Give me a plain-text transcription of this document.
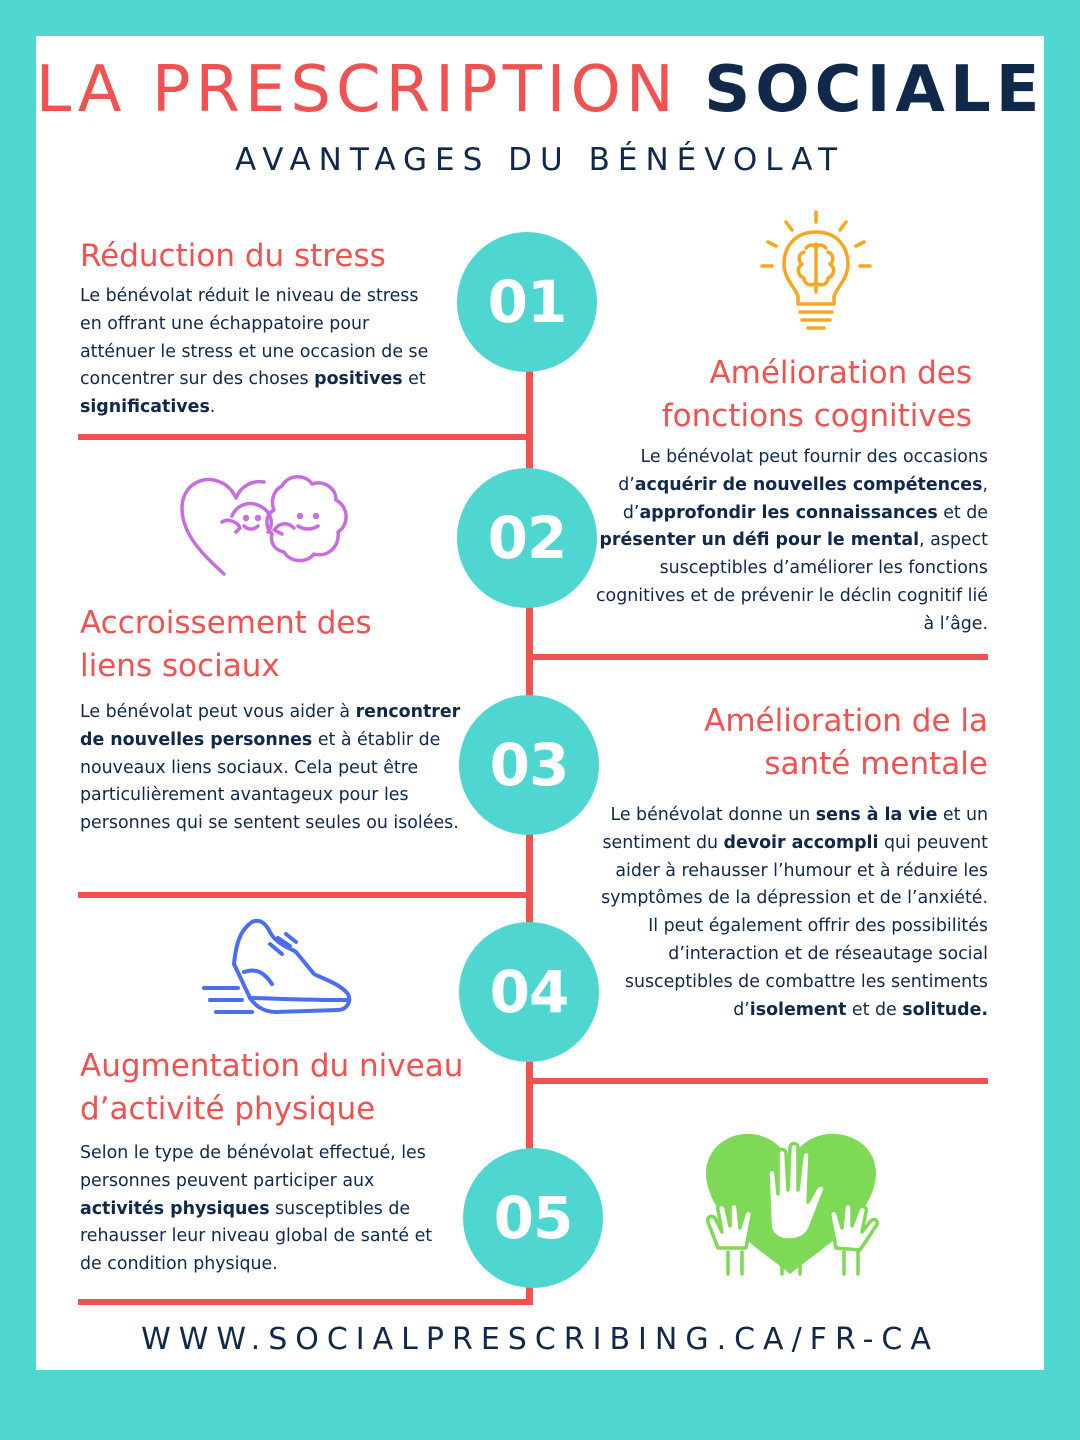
LA PRESCRIPTION SOCIALE
AVANTAGES DU BÉNÉVOLAT
01
02
03
04
05
Réduction du stress
Le bénévolat réduit le niveau de stress en offrant une échappatoire pour atténuer le stress et une occasion de se concentrer sur des choses positives et significatives.
Amélioration des
fonctions cognitives
Le bénévolat peut fournir des occasions d’acquérir de nouvelles compétences, d’approfondir les connaissances et de présenter un défi pour le mental, aspect susceptibles d’améliorer les fonctions cognitives et de prévenir le déclin cognitif lié à l’âge.
Accroissement des
liens sociaux
Le bénévolat peut vous aider à rencontrer de nouvelles personnes et à établir de nouveaux liens sociaux. Cela peut être particulièrement avantageux pour les personnes qui se sentent seules ou isolées.
Amélioration de la
santé mentale
Le bénévolat donne un sens à la vie et un sentiment du devoir accompli qui peuvent aider à rehausser l’humour et à réduire les symptômes de la dépression et de l’anxiété. Il peut également offrir des possibilités d’interaction et de réseautage social susceptibles de combattre les sentiments d’isolement et de solitude.
Augmentation du niveau
d’activité physique
Selon le type de bénévolat effectué, les personnes peuvent participer aux activités physiques susceptibles de rehausser leur niveau global de santé et de condition physique.
WWW.SOCIALPRESCRIBING.CA/FR-CA
